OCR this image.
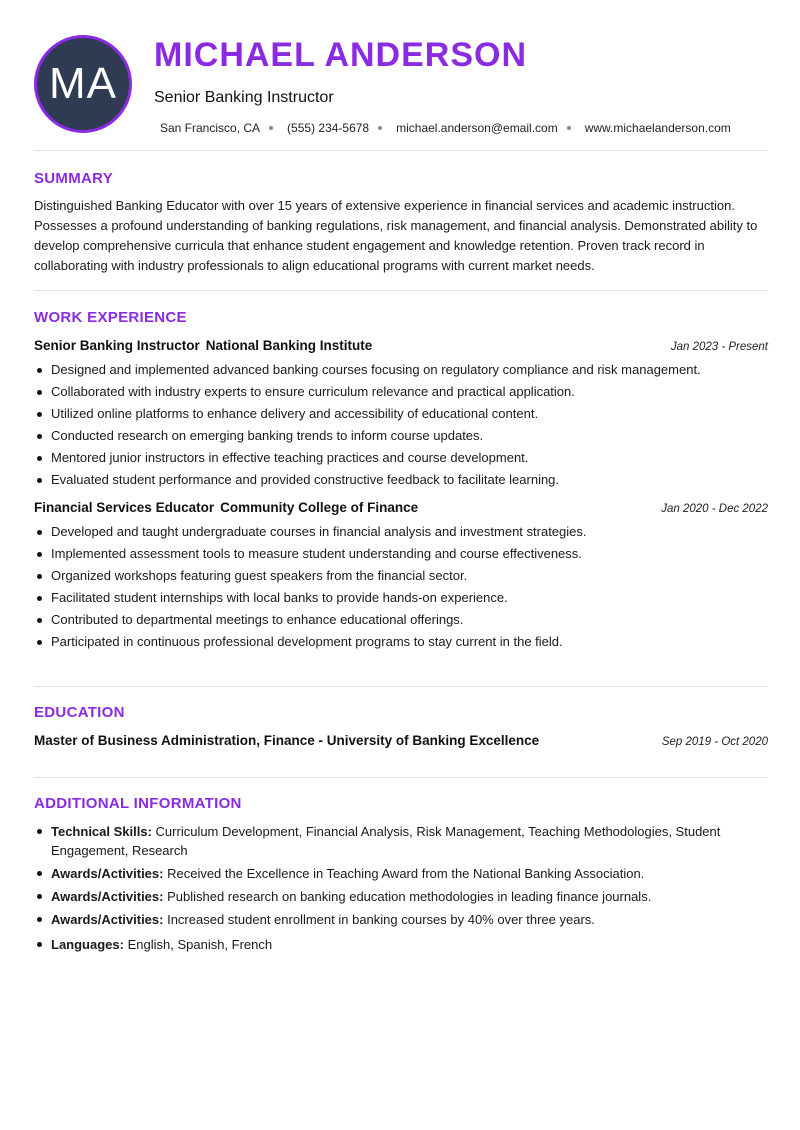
MA
MICHAEL ANDERSON
Senior Banking Instructor
San Francisco, CA (555) 234-5678 michael.anderson@email.com www.michaelanderson.com
SUMMARY
Distinguished Banking Educator with over 15 years of extensive experience in financial services and academic instruction. Possesses a profound understanding of banking regulations, risk management, and financial analysis. Demonstrated ability to develop comprehensive curricula that enhance student engagement and knowledge retention. Proven track record in collaborating with industry professionals to align educational programs with current market needs.
WORK EXPERIENCE
Senior Banking Instructor National Banking Institute	Jan 2023 - Present
Designed and implemented advanced banking courses focusing on regulatory compliance and risk management.
Collaborated with industry experts to ensure curriculum relevance and practical application.
Utilized online platforms to enhance delivery and accessibility of educational content.
Conducted research on emerging banking trends to inform course updates.
Mentored junior instructors in effective teaching practices and course development.
Evaluated student performance and provided constructive feedback to facilitate learning.
Financial Services Educator Community College of Finance	Jan 2020 - Dec 2022
Developed and taught undergraduate courses in financial analysis and investment strategies.
Implemented assessment tools to measure student understanding and course effectiveness.
Organized workshops featuring guest speakers from the financial sector.
Facilitated student internships with local banks to provide hands-on experience.
Contributed to departmental meetings to enhance educational offerings.
Participated in continuous professional development programs to stay current in the field.
EDUCATION
Master of Business Administration, Finance - University of Banking Excellence	Sep 2019 - Oct 2020
ADDITIONAL INFORMATION
Technical Skills: Curriculum Development, Financial Analysis, Risk Management, Teaching Methodologies, Student Engagement, Research
Awards/Activities: Received the Excellence in Teaching Award from the National Banking Association.
Awards/Activities: Published research on banking education methodologies in leading finance journals.
Awards/Activities: Increased student enrollment in banking courses by 40% over three years.
Languages: English, Spanish, French
